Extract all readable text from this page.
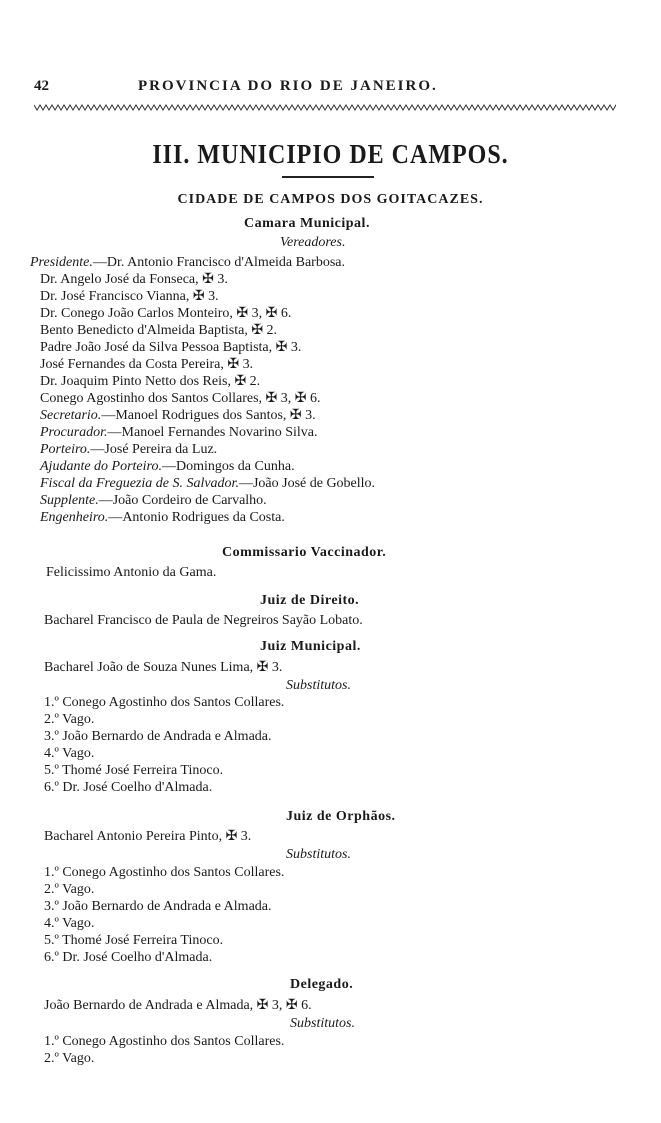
42	PROVINCIA DO RIO DE JANEIRO.
III. MUNICIPIO DE CAMPOS.
CIDADE DE CAMPOS DOS GOITACAZES.
Camara Municipal.
Vereadores.
Presidente.—Dr. Antonio Francisco d'Almeida Barbosa.
Dr. Angelo José da Fonseca, ✠ 3.
Dr. José Francisco Vianna, ✠ 3.
Dr. Conego João Carlos Monteiro, ✠ 3, ✠ 6.
Bento Benedicto d'Almeida Baptista, ✠ 2.
Padre João José da Silva Pessoa Baptista, ✠ 3.
José Fernandes da Costa Pereira, ✠ 3.
Dr. Joaquim Pinto Netto dos Reis, ✠ 2.
Conego Agostinho dos Santos Collares, ✠ 3, ✠ 6.
Secretario.—Manoel Rodrigues dos Santos, ✠ 3.
Procurador.—Manoel Fernandes Novarino Silva.
Porteiro.—José Pereira da Luz.
Ajudante do Porteiro.—Domingos da Cunha.
Fiscal da Freguezia de S. Salvador.—João José de Gobello.
Supplente.—João Cordeiro de Carvalho.
Engenheiro.—Antonio Rodrigues da Costa.
Commissario Vaccinador.
Felicissimo Antonio da Gama.
Juiz de Direito.
Bacharel Francisco de Paula de Negreiros Sayão Lobato.
Juiz Municipal.
Bacharel João de Souza Nunes Lima, ✠ 3.
Substitutos.
1.º Conego Agostinho dos Santos Collares.
2.º Vago.
3.º João Bernardo de Andrada e Almada.
4.º Vago.
5.º Thomé José Ferreira Tinoco.
6.º Dr. José Coelho d'Almada.
Juiz de Orphãos.
Bacharel Antonio Pereira Pinto, ✠ 3.
Substitutos.
1.º Conego Agostinho dos Santos Collares.
2.º Vago.
3.º João Bernardo de Andrada e Almada.
4.º Vago.
5.º Thomé José Ferreira Tinoco.
6.º Dr. José Coelho d'Almada.
Delegado.
João Bernardo de Andrada e Almada, ✠ 3, ✠ 6.
Substitutos.
1.º Conego Agostinho dos Santos Collares.
2.º Vago.
